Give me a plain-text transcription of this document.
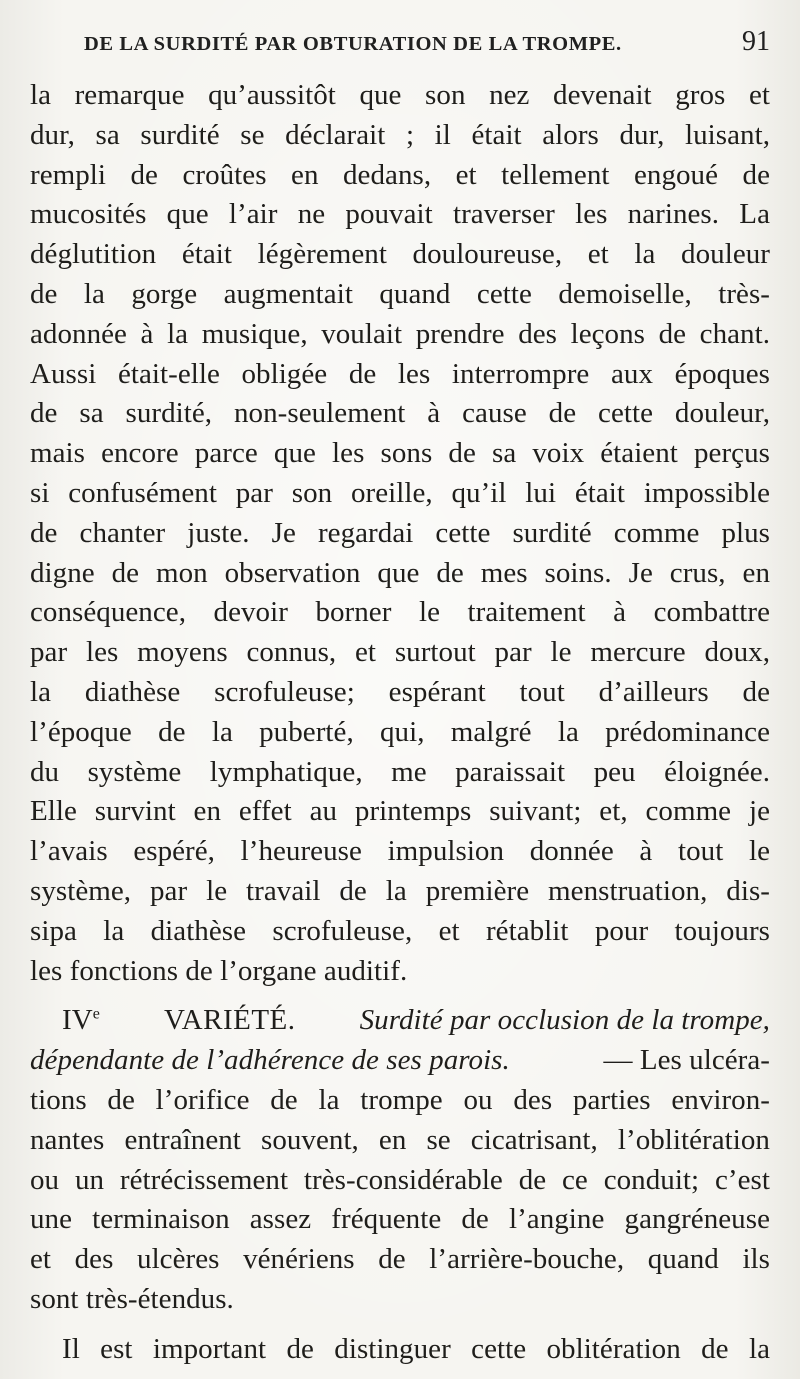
DE LA SURDITÉ PAR OBTURATION DE LA TROMPE.	91
la remarque qu’aussitôt que son nez devenait gros et
dur, sa surdité se déclarait ; il était alors dur, luisant,
rempli de croûtes en dedans, et tellement engoué de
mucosités que l’air ne pouvait traverser les narines. La
déglutition était légèrement douloureuse, et la douleur
de la gorge augmentait quand cette demoiselle, très-
adonnée à la musique, voulait prendre des leçons de chant.
Aussi était-elle obligée de les interrompre aux époques
de sa surdité, non-seulement à cause de cette douleur,
mais encore parce que les sons de sa voix étaient perçus
si confusément par son oreille, qu’il lui était impossible
de chanter juste. Je regardai cette surdité comme plus
digne de mon observation que de mes soins. Je crus, en
conséquence, devoir borner le traitement à combattre
par les moyens connus, et surtout par le mercure doux,
la diathèse scrofuleuse; espérant tout d’ailleurs de
l’époque de la puberté, qui, malgré la prédominance
du système lymphatique, me paraissait peu éloignée.
Elle survint en effet au printemps suivant; et, comme je
l’avais espéré, l’heureuse impulsion donnée à tout le
système, par le travail de la première menstruation, dis-
sipa la diathèse scrofuleuse, et rétablit pour toujours
les fonctions de l’organe auditif.
IVe VARIÉTÉ. Surdité par occlusion de la trompe,
dépendante de l’adhérence de ses parois.	— Les ulcéra-
tions de l’orifice de la trompe ou des parties environ-
nantes entraînent souvent, en se cicatrisant, l’oblitération
ou un rétrécissement très-considérable de ce conduit; c’est
une terminaison assez fréquente de l’angine gangréneuse
et des ulcères vénériens de l’arrière-bouche, quand ils
sont très-étendus.
Il est important de distinguer cette oblitération de la
